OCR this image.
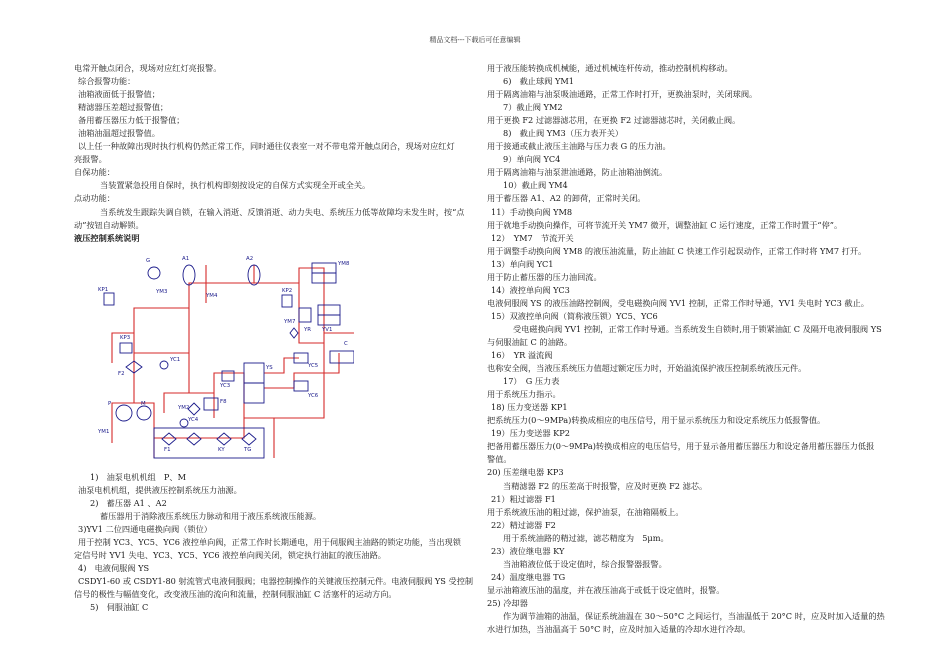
精品文档---下载后可任意编辑
电常开触点闭合，现场对应红灯亮报警。
综合报警功能：
油箱液面低于报警值；
精滤器压差超过报警值；
备用蓄压器压力低于报警值；
油箱油温超过报警值。
以上任一种故障出现时执行机构仍然正常工作，同时通往仪表室一对不带电常开触点闭合，现场对应红灯
亮报警。
自保功能：
当装置紧急投用自保时，执行机构即刻按设定的自保方式实现全开或全关。
点动功能：
当系统发生跟踪失调自锁，在输入消逝、反馈消逝、动力失电、系统压力低等故障均未发生时，按“点
动”按钮自动解锁。
液压控制系统说明
KP1
G
YM3
A1	A2
KP2
YM4
YM8
YM7
YR YV1
C
KP3
F2
YC1
YS
YC3
YC5
YC6
YM2
F8
YC4
M
P
YM1
F1	KY	TG
1)　油泵电机机组　P、M
油泵电机机组，提供液压控制系统压力油源。
2)　蓄压器 A1 、A2
蓄压器用于消除液压系统压力脉动和用于液压系统液压能源。
3)YV1 二位四通电磁换向阀（锁位）
用于控制 YC3、YC5、YC6 液控单向阀，正常工作时长期通电，用于伺服阀主油路的锁定功能，当出现锁
定信号时 YV1 失电、YC3、YC5、YC6 液控单向阀关闭，锁定执行油缸的液压油路。
4)　电液伺服阀 YS
CSDY1-60 或 CSDY1-80 射流管式电液伺服阀；电器控制操作的关键液压控制元件。电液伺服阀 YS 受控制
信号的极性与幅值变化，改变液压油的流向和流量，控制伺服油缸 C 活塞杆的运动方向。
5)　伺服油缸 C
用于液压能转换成机械能，通过机械连杆传动，推动控制机构移动。
6)　截止球阀 YM1
用于隔离油箱与油泵吸油通路，正常工作时打开，更换油泵时，关闭球阀。
7）截止阀 YM2
用于更换 F2 过滤器滤芯用，在更换 F2 过滤器滤芯时，关闭截止阀。
8)　截止阀 YM3（压力表开关）
用于接通或截止液压主油路与压力表 G 的压力油。
9）单向阀 YC4
用于隔离油箱与油泵泄油通路，防止油箱油倒流。
10）截止阀 YM4
用于蓄压器 A1、A2 的卸荷，正常时关闭。
11）手动换向阀 YM8
用于就地手动换向操作，可将节流开关 YM7 微开，调整油缸 C 运行速度，正常工作时置于“停”。
12）　YM7　节流开关
用于调整手动换向阀 YM8 的液压油流量，防止油缸 C 快速工作引起误动作，正常工作时将 YM7 打开。
13）单向阀 YC1
用于防止蓄压器的压力油回流。
14）液控单向阀 YC3
电液伺服阀 YS 的液压油路控制阀，受电磁换向阀 YV1 控制，正常工作时导通，YV1 失电时 YC3 截止。
15）双液控单向阀（简称液压锁）YC5、YC6
受电磁换向阀 YV1 控制，正常工作时导通。当系统发生自锁时,用于锁紧油缸 C 及隔开电液伺服阀 YS
与伺服油缸 C 的油路。
16）　YR 溢流阀
也称安全阀，当液压系统压力值超过额定压力时，开始溢流保护液压控制系统液压元件。
17）　G 压力表
用于系统压力指示。
18) 压力变送器 KP1
把系统压力(0～9MPa)转换成相应的电压信号，用于显示系统压力和设定系统压力低报警值。
19）压力变送器 KP2
把备用蓄压器压力(0～9MPa)转换成相应的电压信号，用于显示备用蓄压器压力和设定备用蓄压器压力低报
警值。
20) 压差继电器 KP3
当精滤器 F2 的压差高于时报警，应及时更换 F2 滤芯。
21）粗过滤器 F1
用于系统液压油的粗过滤，保护油泵，在油箱隔板上。
22）精过滤器 F2
用于系统油路的精过滤，滤芯精度为　5μm。
23）液位继电器 KY
当油箱液位低于设定值时，综合报警器报警。
24）温度继电器 TG
显示油箱液压油的温度，并在液压油高于或低于设定值时，报警。
25) 冷却器
作为调节油箱的油温，保证系统油温在 30～50°C 之间运行，当油温低于 20°C 时，应及时加入适量的热
水进行加热，当油温高于 50°C 时，应及时加入适量的冷却水进行冷却。
